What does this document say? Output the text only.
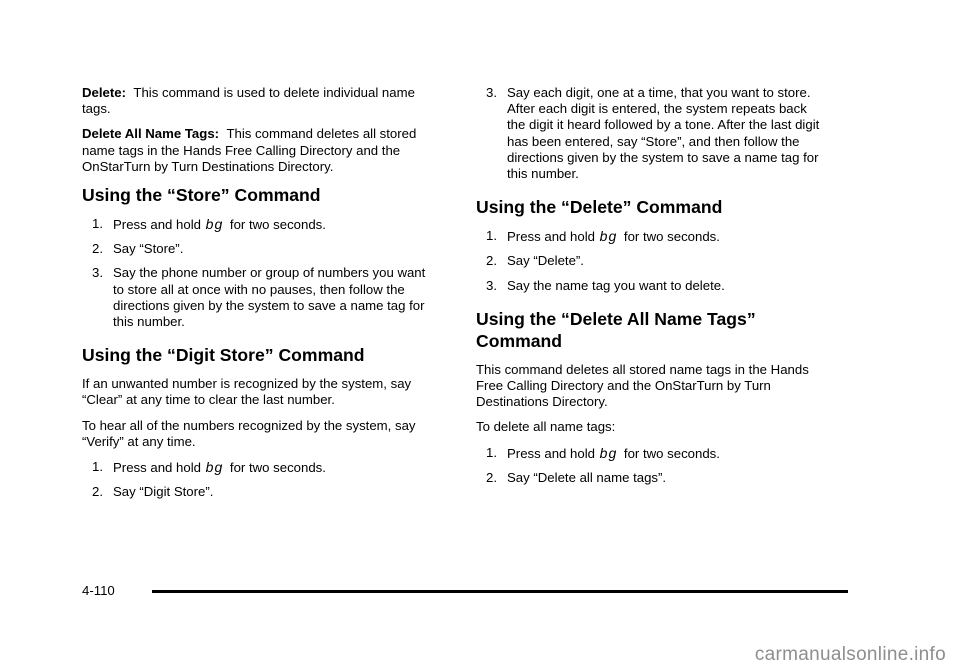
Delete: This command is used to delete individual name tags.

Delete All Name Tags: This command deletes all stored name tags in the Hands Free Calling Directory and the OnStarTurn by Turn Destinations Directory.

Using the “Store” Command
1. Press and hold bg for two seconds.
2. Say “Store”.
3. Say the phone number or group of numbers you want to store all at once with no pauses, then follow the directions given by the system to save a name tag for this number.
Using the “Digit Store” Command

If an unwanted number is recognized by the system, say “Clear” at any time to clear the last number.

To hear all of the numbers recognized by the system, say “Verify” at any time.

1. Press and hold bg for two seconds.
2. Say “Digit Store”.
3. Say each digit, one at a time, that you want to store. After each digit is entered, the system repeats back the digit it heard followed by a tone. After the last digit has been entered, say “Store”, and then follow the directions given by the system to save a name tag for this number.
Using the “Delete” Command
1. Press and hold bg for two seconds.
2. Say “Delete”.
3. Say the name tag you want to delete.
Using the “Delete All Name Tags” Command

This command deletes all stored name tags in the Hands Free Calling Directory and the OnStarTurn by Turn Destinations Directory.

To delete all name tags:

1. Press and hold bg for two seconds.
2. Say “Delete all name tags”.
4-110
carmanualsonline.info
